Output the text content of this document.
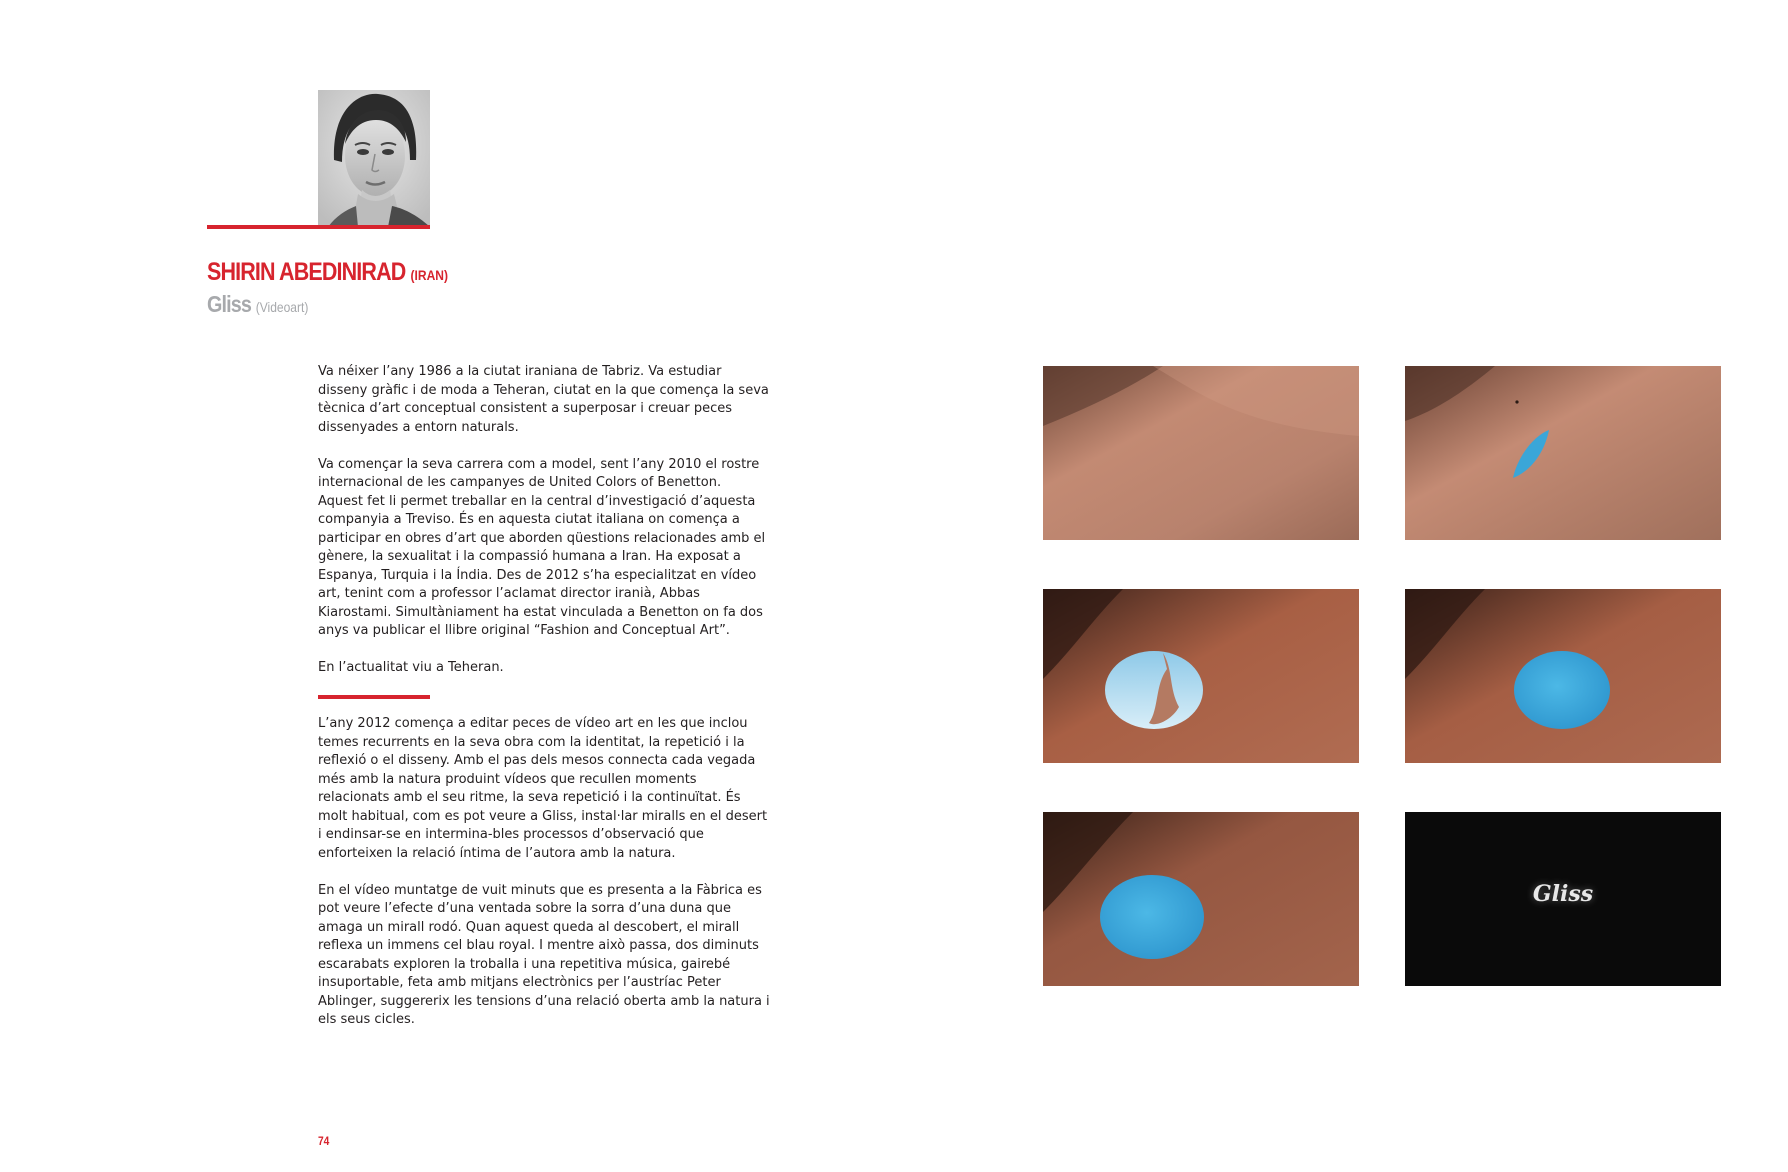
SHIRIN ABEDINIRAD (IRAN)
Gliss (Videoart)

Va néixer l’any 1986 a la ciutat iraniana de Tabriz. Va estudiar disseny gràfic i de moda a Teheran, ciutat en la que comença la seva tècnica d’art conceptual consistent a superposar i creuar peces dissenyades a entorn naturals.

Va començar la seva carrera com a model, sent l’any 2010 el rostre internacional de les campanyes de United Colors of Benetton. Aquest fet li permet treballar en la central d’investigació d’aquesta companyia a Treviso. És en aquesta ciutat italiana on comença a participar en obres d’art que aborden qüestions relacionades amb el gènere, la sexualitat i la compassió humana a Iran. Ha exposat a Espanya, Turquia i la Índia. Des de 2012 s’ha especialitzat en vídeo art, tenint com a professor l’aclamat director iranià, Abbas Kiarostami. Simultàniament ha estat vinculada a Benetton on fa dos anys va publicar el llibre original “Fashion and Conceptual Art”.

En l’actualitat viu a Teheran.

L’any 2012 comença a editar peces de vídeo art en les que inclou temes recurrents en la seva obra com la identitat, la repetició i la reflexió o el disseny. Amb el pas dels mesos connecta cada vegada més amb la natura produint vídeos que recullen moments relacionats amb el seu ritme, la seva repetició i la continuïtat. És molt habitual, com es pot veure a Gliss, instal·lar miralls en el desert i endinsar-se en intermina-bles processos d’observació que enforteixen la relació íntima de l’autora amb la natura.

En el vídeo muntatge de vuit minuts que es presenta a la Fàbrica es pot veure l’efecte d’una ventada sobre la sorra d’una duna que amaga un mirall rodó. Quan aquest queda al descobert, el mirall reflexa un immens cel blau royal. I mentre això passa, dos diminuts escarabats exploren la troballa i una repetitiva música, gairebé insuportable, feta amb mitjans electrònics per l’austríac Peter Ablinger, suggererix les tensions d’una relació oberta amb la natura i els seus cicles.

Gliss
74
